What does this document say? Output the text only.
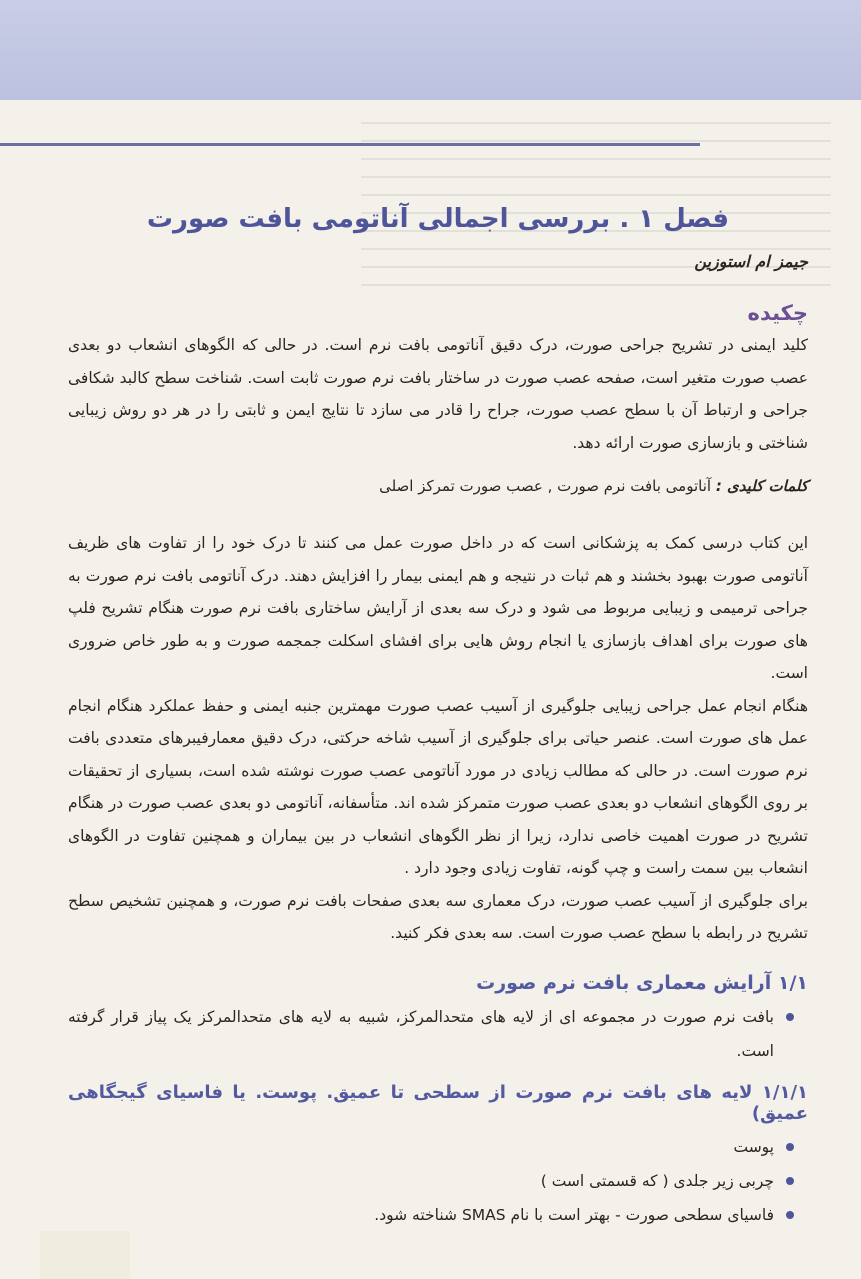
فصل ۱ . بررسی اجمالی آناتومی بافت صورت
جیمز ام استوزین
چکیده

کلید ایمنی در تشریح جراحی صورت، درک دقیق آناتومی بافت نرم است. در حالی که الگوهای انشعاب دو بعدی عصب صورت متغیر است، صفحه عصب صورت در ساختار بافت نرم صورت ثابت است. شناخت سطح کالبد شکافی جراحی و ارتباط آن با سطح عصب صورت، جراح را قادر می سازد تا نتایج ایمن و ثابتی را در هر دو روش زیبایی شناختی و بازسازی صورت ارائه دهد.

کلمات کلیدی : آناتومی بافت نرم صورت , عصب صورت تمرکز اصلی

این کتاب درسی کمک به پزشکانی است که در داخل صورت عمل می کنند تا درک خود را از تفاوت های ظریف آناتومی صورت بهبود بخشند و هم ثبات در نتیجه و هم ایمنی بیمار را افزایش دهند. درک آناتومی بافت نرم صورت به جراحی ترمیمی و زیبایی مربوط می شود و درک سه بعدی از آرایش ساختاری بافت نرم صورت هنگام تشریح فلپ های صورت برای اهداف بازسازی یا انجام روش هایی برای افشای اسکلت جمجمه صورت و به طور خاص ضروری است.

هنگام انجام عمل جراحی زیبایی جلوگیری از آسیب عصب صورت مهمترین جنبه ایمنی و حفظ عملکرد هنگام انجام عمل های صورت است. عنصر حیاتی برای جلوگیری از آسیب شاخه حرکتی، درک دقیق معمارفیبرهای متعددی بافت نرم صورت است. در حالی که مطالب زیادی در مورد آناتومی عصب صورت نوشته شده است، بسیاری از تحقیقات بر روی الگوهای انشعاب دو بعدی عصب صورت متمرکز شده اند. متأسفانه، آناتومی دو بعدی عصب صورت در هنگام تشریح در صورت اهمیت خاصی ندارد، زیرا از نظر الگوهای انشعاب در بین بیماران و همچنین تفاوت در الگوهای انشعاب بین سمت راست و چپ گونه، تفاوت زیادی وجود دارد .

برای جلوگیری از آسیب عصب صورت، درک معماری سه بعدی صفحات بافت نرم صورت، و همچنین تشخیص سطح تشریح در رابطه با سطح عصب صورت است. سه بعدی فکر کنید.

۱/۱ آرایش معماری بافت نرم صورت
بافت نرم صورت در مجموعه ای از لایه های متحدالمرکز، شبیه به لایه های متحدالمرکز یک پیاز قرار گرفته است.
۱/۱/۱ لایه های بافت نرم صورت از سطحی تا عمیق. پوست. یا فاسیای گیجگاهی عمیق)
پوست
چربی زیر جلدی ( که قسمتی است )
فاسیای سطحی صورت - بهتر است با نام SMAS شناخته شود.
